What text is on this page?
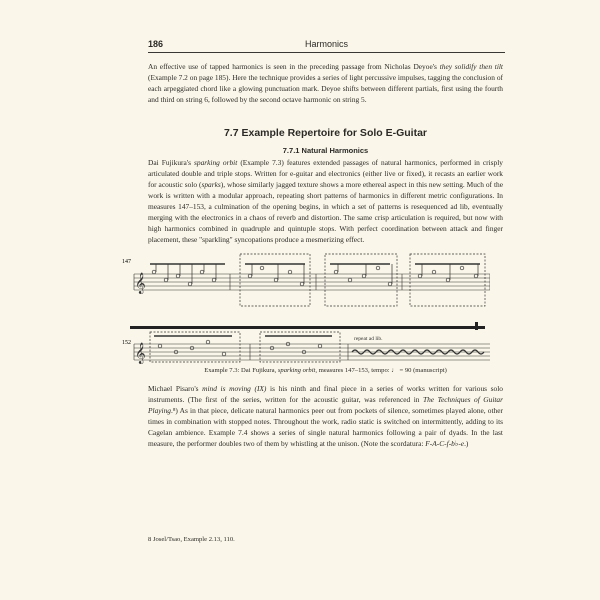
186	Harmonics

An effective use of tapped harmonics is seen in the preceding passage from Nicholas Deyoe's they solidify then tilt (Example 7.2 on page 185). Here the technique provides a series of light percussive impulses, tagging the conclusion of each arpeggiated chord like a glowing punctuation mark. Deyoe shifts between different partials, first using the fourth and third on string 6, followed by the second octave harmonic on string 5.

7.7 Example Repertoire for Solo E-Guitar
7.7.1 Natural Harmonics

Dai Fujikura's sparking orbit (Example 7.3) features extended passages of natural harmonics, performed in crisply articulated double and triple stops. Written for e-guitar and electronics (either live or fixed), it recasts an earlier work for acoustic solo (sparks), whose similarly jagged texture shows a more ethereal aspect in this new setting. Much of the work is written with a modular approach, repeating short patterns of harmonics in different metric configurations. In measures 147–153, a culmination of the opening begins, in which a set of patterns is resequenced ad lib, eventually merging with the electronics in a chaos of reverb and distortion. The same crisp articulation is required, but now with high harmonics combined in quadruple and quintuple stops. With perfect coordination between attack and finger placement, these "sparkling" syncopations produce a mesmerizing effect.

147
𝄞
152 𝄞
repeat ad lib.
Example 7.3: Dai Fujikura, sparking orbit, measures 147–153, tempo: ♩ = 90 (manuscript)

Michael Pisaro's mind is moving (IX) is his ninth and final piece in a series of works written for various solo instruments. (The first of the series, written for the acoustic guitar, was referenced in The Techniques of Guitar Playing.⁸) As in that piece, delicate natural harmonics peer out from pockets of silence, sometimes played alone, other times in combination with stopped notes. Throughout the work, radio static is switched on intermittently, adding to its Cagelan ambience. Example 7.4 shows a series of single natural harmonics following a pair of dyads. In the last measure, the performer doubles two of them by whistling at the unison. (Note the scordatura: F-A-C-f-b♭-e.)

8 Josel/Tsao, Example 2.13, 110.
